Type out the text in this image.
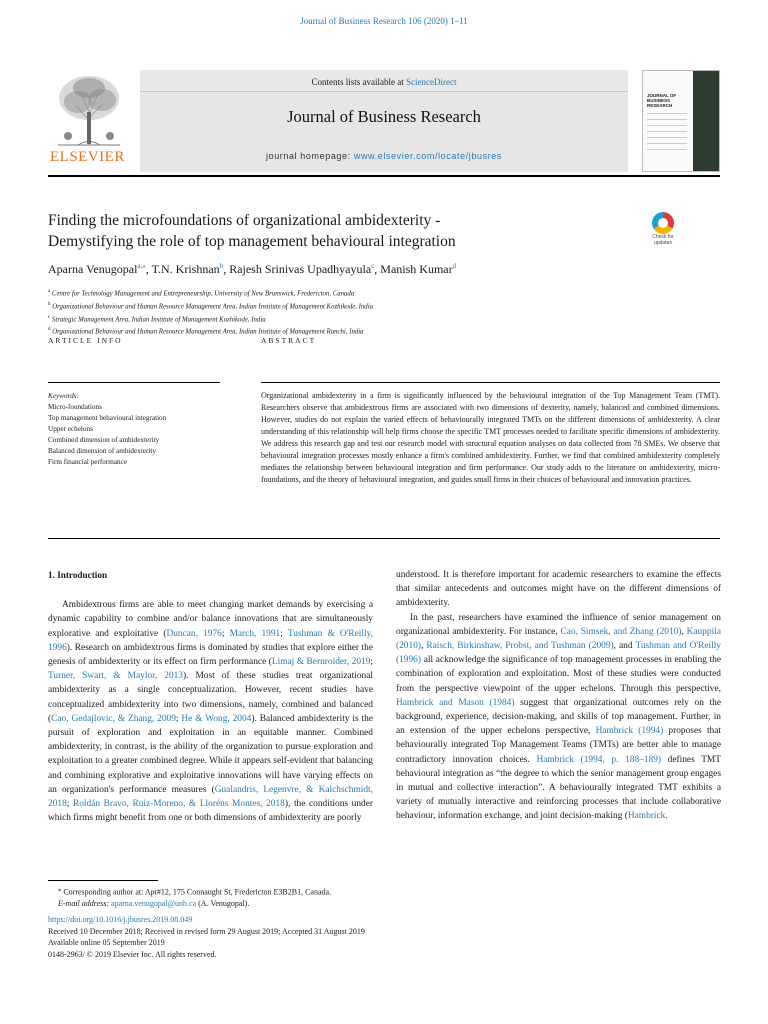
Journal of Business Research 106 (2020) 1–11
ELSEVIER
Contents lists available at ScienceDirect
Journal of Business Research
journal homepage: www.elsevier.com/locate/jbusres
JOURNAL OF BUSINESS RESEARCH
Finding the microfoundations of organizational ambidexterity -
Demystifying the role of top management behavioural integration	Check for updates
Aparna Venugopal$^{a,⁎}$, T.N. Krishnan$^b$, Rajesh Srinivas Upadhyayula$^c$, Manish Kumar$^d$
$^a$ Centre for Technology Management and Entrepreneurship, University of New Brunswick, Fredericton, Canada
$^b$ Organizational Behaviour and Human Resource Management Area, Indian Institute of Management Kozhikode, India
$^c$ Strategic Management Area, Indian Institute of Management Kozhikode, India
$^d$ Organizational Behaviour and Human Resource Management Area, Indian Institute of Management Ranchi, India
ARTICLE INFO	ABSTRACT
Keywords:
Micro-foundations
Top management behavioural integration
Upper echelons
Combined dimension of ambidexterity
Balanced dimension of ambidexterity
Firm financial performance
Organizational ambidexterity in a firm is significantly influenced by the behavioural integration of the Top Management Team (TMT). Researchers observe that ambidextrous firms are associated with two dimensions of dexterity, namely, balanced and combined dimensions. However, studies do not explain the varied effects of behaviourally integrated TMTs on the different dimensions of ambidexterity. A clear understanding of this relationship will help firms choose the specific TMT processes needed to facilitate specific dimensions of ambidexterity. We address this research gap and test our research model with structural equation analyses on data collected from 78 SMEs. We observe that behavioural integration processes mostly enhance a firm's combined ambidexterity. Further, we find that combined ambidexterity completely mediates the relationship between behavioural integration and firm performance. Our study adds to the literature on ambidexterity, micro-foundations, and the theory of behavioural integration, and guides small firms in their choices of behavioural and innovation practices.
1. Introduction

Ambidextrous firms are able to meet changing market demands by exercising a dynamic capability to combine and/or balance innovations that are simultaneously explorative and exploitative (Duncan, 1976; March, 1991; Tushman & O'Reilly, 1996). Research on ambidextrous firms is dominated by studies that explore either the genesis of ambidexterity or its effect on firm performance (Limaj & Bernroider, 2019; Turner, Swart, & Maylor, 2013). Most of these studies treat organizational ambidexterity as a single conceptualization. However, recent studies have conceptualized ambidexterity into two dimensions, namely, combined and balanced (Cao, Gedajlovic, & Zhang, 2009; He & Wong, 2004). Balanced ambidexterity is the pursuit of exploration and exploitation in an equitable manner. Combined ambidexterity, in contrast, is the ability of the organization to pursue exploration and exploitation to a greater combined degree. While it appears self-evident that balancing and combining explorative and exploitative innovations will have varying effects on an organization's performance measures (Gualandris, Legenvre, & Kalchschmidt, 2018; Roldán Bravo, Ruiz-Moreno, & Lloréns Montes, 2018), the conditions under which firms might benefit from one or both dimensions of ambidexterity are poorly

understood. It is therefore important for academic researchers to examine the effects that similar antecedents and outcomes might have on the different dimensions of ambidexterity.

In the past, researchers have examined the influence of senior management on organizational ambidexterity. For instance, Cao, Simsek, and Zhang (2010), Kauppila (2010), Raisch, Birkinshaw, Probst, and Tushman (2009), and Tushman and O'Reilly (1996) all acknowledge the significance of top management processes in enabling the combination of exploration and exploitation. Most of these studies were conducted from the perspective viewpoint of the upper echelons. Through this perspective, Hambrick and Mason (1984) suggest that organizational outcomes rely on the background, experience, decision-making, and skills of top management. Further, in an extension of the upper echelons perspective, Hambrick (1994) proposes that behaviourally integrated Top Management Teams (TMTs) are better able to manage contradictory innovation choices. Hambrick (1994, p. 188–189) defines TMT behavioural integration as “the degree to which the senior management group engages in mutual and collective interaction”. A behaviourally integrated TMT exhibits a variety of mutually interactive and reinforcing processes that include collaborative behaviour, information exchange, and joint decision-making (Hambrick,

⁎ Corresponding author at: Apt#12, 175 Connaught St, Fredericton E3B2B1, Canada.
E-mail address: aparna.venugopal@unb.ca (A. Venugopal).
https://doi.org/10.1016/j.jbusres.2019.08.049
Received 10 December 2018; Received in revised form 29 August 2019; Accepted 31 August 2019
Available online 05 September 2019
0148-2963/ © 2019 Elsevier Inc. All rights reserved.
